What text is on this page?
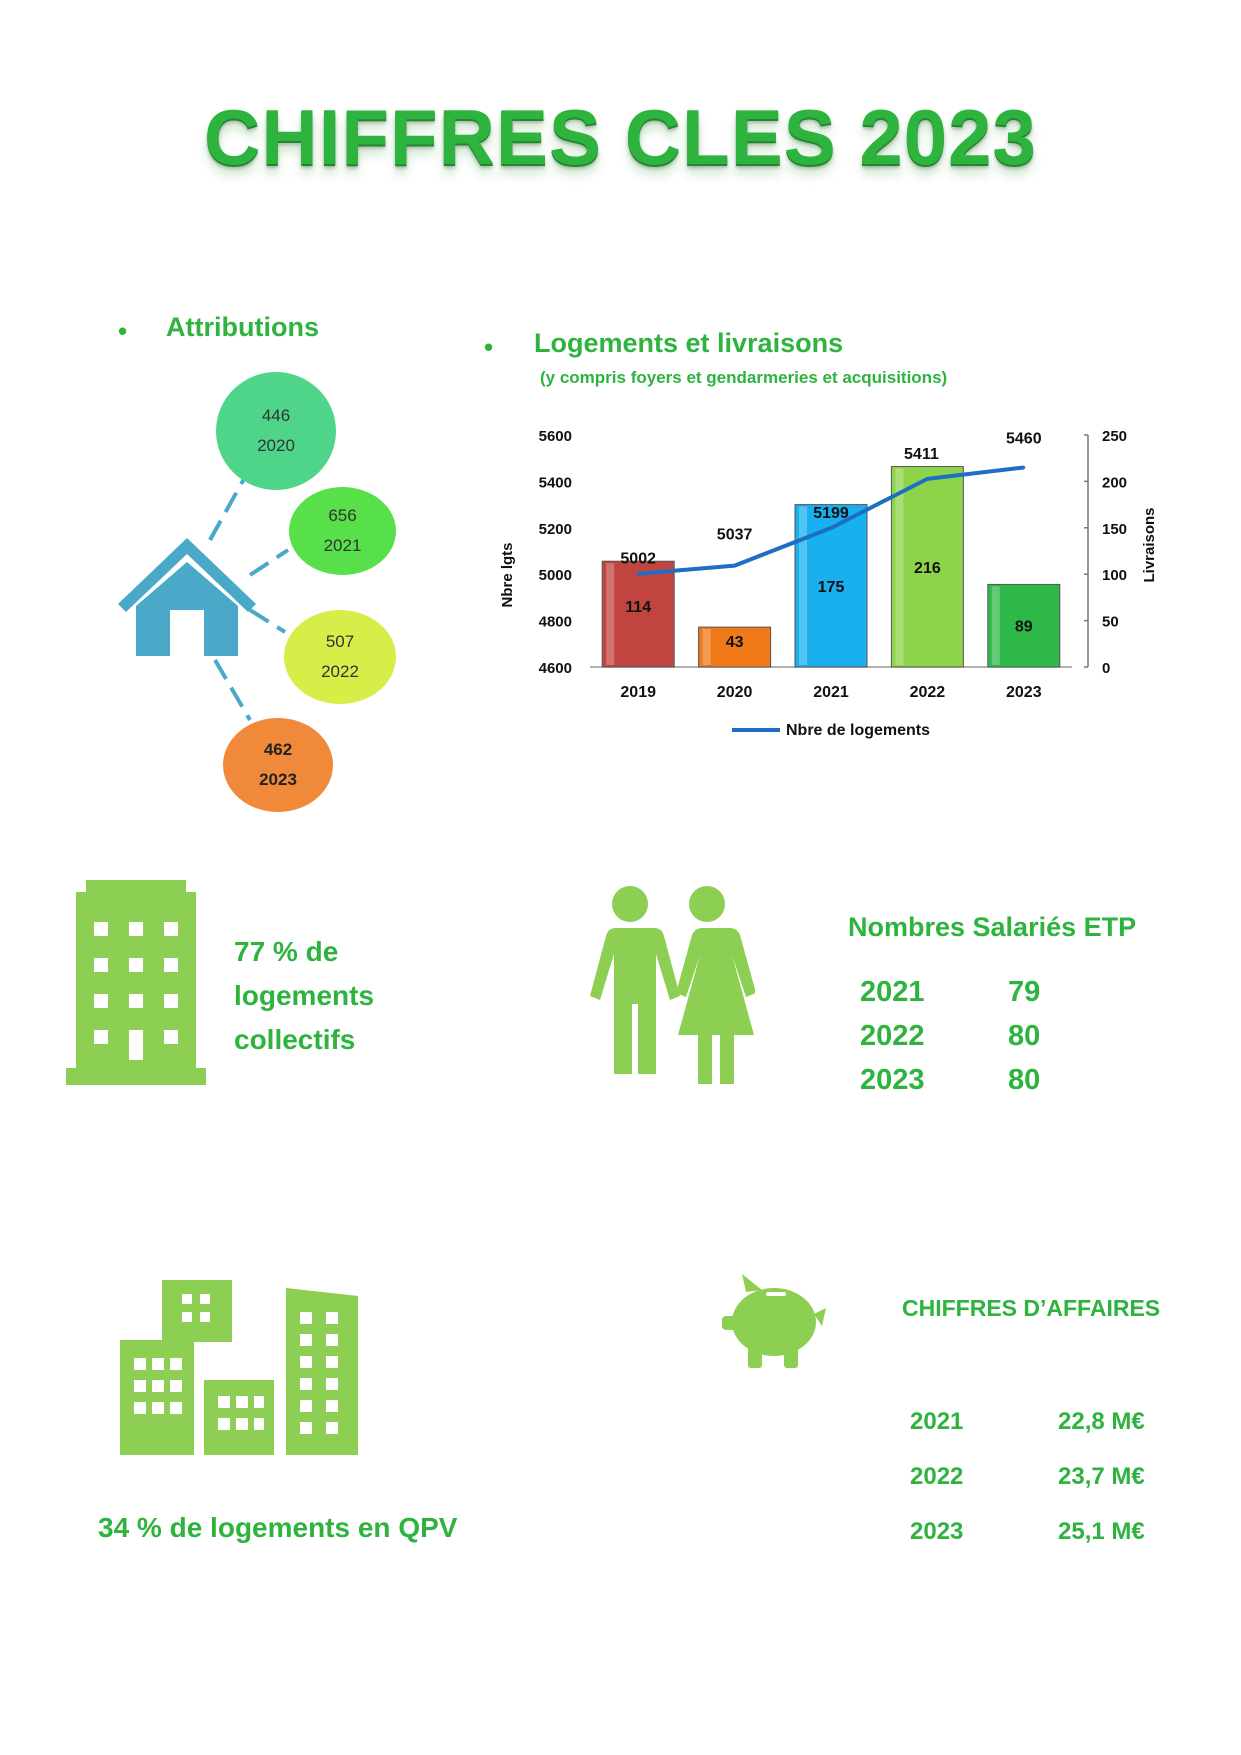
CHIFFRES CLES 2023
• Attributions
446
2020
656
2021
507
2022
462
2023
• Logements et livraisons
(y compris foyers et gendarmeries et acquisitions)
4600
4800
5000
5200
5400
5600
0
50
100
150
200
250
114
2019
43
2020
175
2021
216
2022
89
2023
5002
5037
5199
5411
5460
Nbre lgts	Livraisons
Nbre de logements
77 % de
logements
collectifs
Nombres Salariés ETP
2021	79
2022	80
2023	80
34 % de logements en QPV
CHIFFRES D’AFFAIRES
2021	22,8 M€
2022	23,7 M€
2023	25,1 M€
